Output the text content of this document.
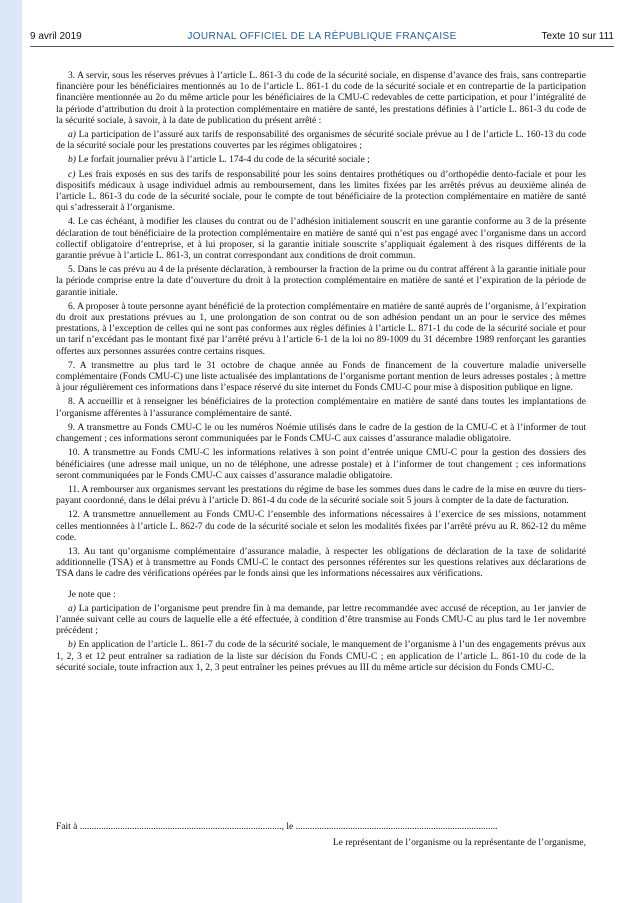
9 avril 2019	JOURNAL OFFICIEL DE LA RÉPUBLIQUE FRANÇAISE	Texte 10 sur 111

3. A servir, sous les réserves prévues à l’article L. 861-3 du code de la sécurité sociale, en dispense d’avance des frais, sans contrepartie financière pour les bénéficiaires mentionnés au 1o de l’article L. 861-1 du code de la sécurité sociale et en contrepartie de la participation financière mentionnée au 2o du même article pour les bénéficiaires de la CMU-C redevables de cette participation, et pour l’intégralité de la période d’attribution du droit à la protection complémentaire en matière de santé, les prestations définies à l’article L. 861-3 du code de la sécurité sociale, à savoir, à la date de publication du présent arrêté :

a) La participation de l’assuré aux tarifs de responsabilité des organismes de sécurité sociale prévue au I de l’article L. 160-13 du code de la sécurité sociale pour les prestations couvertes par les régimes obligatoires ;

b) Le forfait journalier prévu à l’article L. 174-4 du code de la sécurité sociale ;

c) Les frais exposés en sus des tarifs de responsabilité pour les soins dentaires prothétiques ou d’orthopédie dento-faciale et pour les dispositifs médicaux à usage individuel admis au remboursement, dans les limites fixées par les arrêtés prévus au deuxième alinéa de l’article L. 861-3 du code de la sécurité sociale, pour le compte de tout bénéficiaire de la protection complémentaire en matière de santé qui s’adresserait à l’organisme.

4. Le cas échéant, à modifier les clauses du contrat ou de l’adhésion initialement souscrit en une garantie conforme au 3 de la présente déclaration de tout bénéficiaire de la protection complémentaire en matière de santé qui n’est pas engagé avec l’organisme dans un accord collectif obligatoire d’entreprise, et à lui proposer, si la garantie initiale souscrite s’appliquait également à des risques différents de la garantie prévue à l’article L. 861-3, un contrat correspondant aux conditions de droit commun.

5. Dans le cas prévu au 4 de la présente déclaration, à rembourser la fraction de la prime ou du contrat afférent à la garantie initiale pour la période comprise entre la date d’ouverture du droit à la protection complémentaire en matière de santé et l’expiration de la période de garantie initiale.

6. A proposer à toute personne ayant bénéficié de la protection complémentaire en matière de santé auprès de l’organisme, à l’expiration du droit aux prestations prévues au 1, une prolongation de son contrat ou de son adhésion pendant un an pour le service des mêmes prestations, à l’exception de celles qui ne sont pas conformes aux règles définies à l’article L. 871-1 du code de la sécurité sociale et pour un tarif n’excédant pas le montant fixé par l’arrêté prévu à l’article 6-1 de la loi no 89-1009 du 31 décembre 1989 renforçant les garanties offertes aux personnes assurées contre certains risques.

7. A transmettre au plus tard le 31 octobre de chaque année au Fonds de financement de la couverture maladie universelle complémentaire (Fonds CMU-C) une liste actualisée des implantations de l’organisme portant mention de leurs adresses postales ; à mettre à jour régulièrement ces informations dans l’espace réservé du site internet du Fonds CMU-C pour mise à disposition publique en ligne.

8. A accueillir et à renseigner les bénéficiaires de la protection complémentaire en matière de santé dans toutes les implantations de l’organisme afférentes à l’assurance complémentaire de santé.

9. A transmettre au Fonds CMU-C le ou les numéros Noémie utilisés dans le cadre de la gestion de la CMU-C et à l’informer de tout changement ; ces informations seront communiquées par le Fonds CMU-C aux caisses d’assurance maladie obligatoire.

10. A transmettre au Fonds CMU-C les informations relatives à son point d’entrée unique CMU-C pour la gestion des dossiers des bénéficiaires (une adresse mail unique, un no de téléphone, une adresse postale) et à l’informer de tout changement ; ces informations seront communiquées par le Fonds CMU-C aux caisses d’assurance maladie obligatoire.

11. A rembourser aux organismes servant les prestations du régime de base les sommes dues dans le cadre de la mise en œuvre du tiers-payant coordonné, dans le délai prévu à l’article D. 861-4 du code de la sécurité sociale soit 5 jours à compter de la date de facturation.

12. A transmettre annuellement au Fonds CMU-C l’ensemble des informations nécessaires à l’exercice de ses missions, notamment celles mentionnées à l’article L. 862-7 du code de la sécurité sociale et selon les modalités fixées par l’arrêté prévu au R. 862-12 du même code.

13. Au tant qu’organisme complémentaire d’assurance maladie, à respecter les obligations de déclaration de la taxe de solidarité additionnelle (TSA) et à transmettre au Fonds CMU-C le contact des personnes référentes sur les questions relatives aux déclarations de TSA dans le cadre des vérifications opérées par le fonds ainsi que les informations nécessaires aux vérifications.

Je note que :

a) La participation de l’organisme peut prendre fin à ma demande, par lettre recommandée avec accusé de réception, au 1er janvier de l’année suivant celle au cours de laquelle elle a été effectuée, à condition d’être transmise au Fonds CMU-C au plus tard le 1er novembre précédent ;

b) En application de l’article L. 861-7 du code de la sécurité sociale, le manquement de l’organisme à l’un des engagements prévus aux 1, 2, 3 et 12 peut entraîner sa radiation de la liste sur décision du Fonds CMU-C ; en application de l’article L. 861-10 du code de la sécurité sociale, toute infraction aux 1, 2, 3 peut entraîner les peines prévues au III du même article sur décision du Fonds CMU-C.

Fait à ....................................................................................., le .....................................................................................
Le représentant de l’organisme ou la représentante de l’organisme,
